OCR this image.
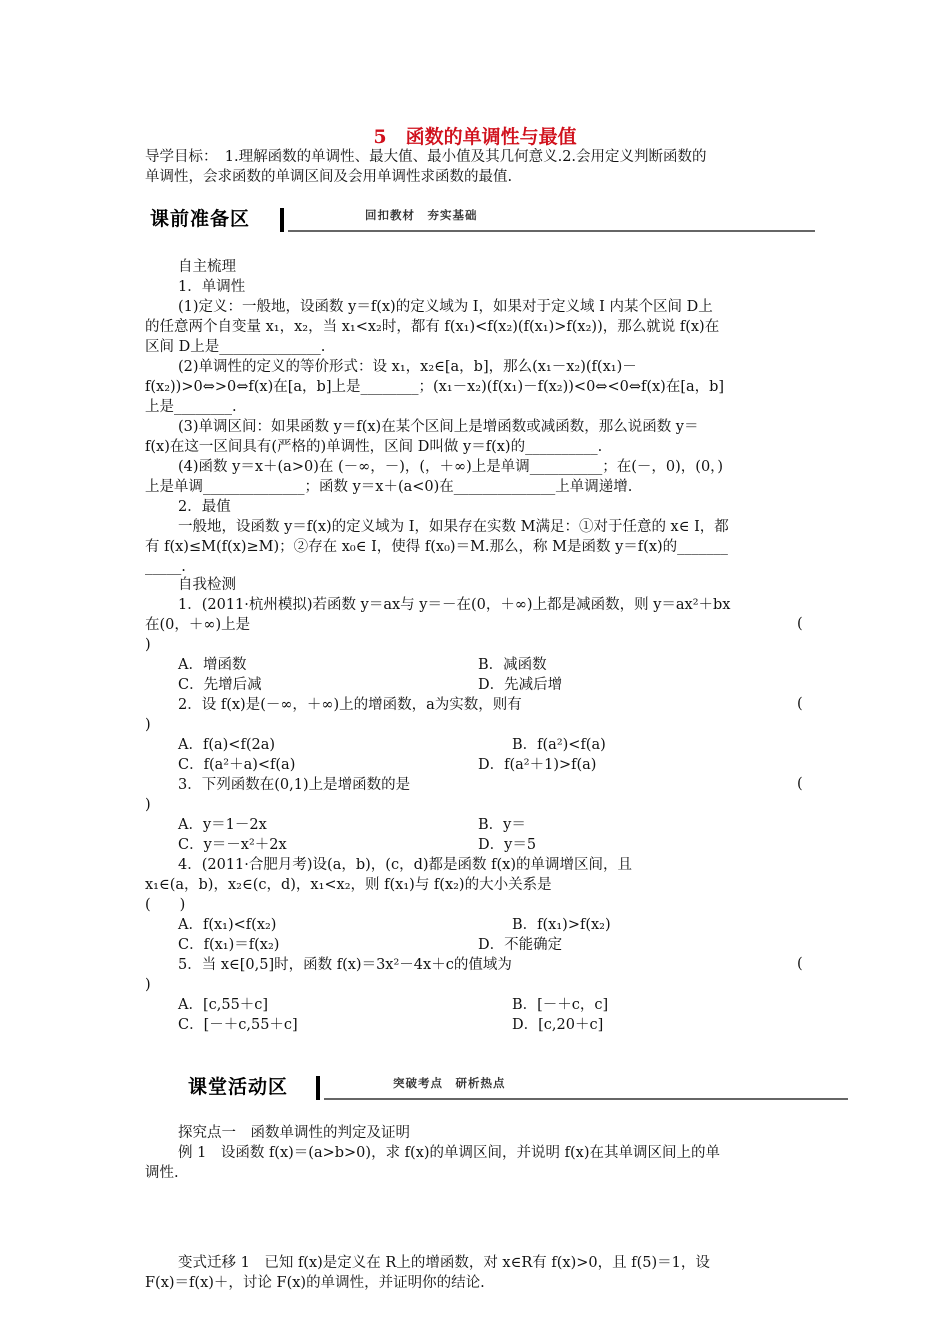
5　函数的单调性与最值
导学目标：　1.理解函数的单调性、最大值、最小值及其几何意义.2.会用定义判断函数的
单调性，会求函数的单调区间及会用单调性求函数的最值.
课前准备区	回扣教材　夯实基础
自主梳理
1．单调性
(1)定义：一般地，设函数 y＝f(x)的定义域为 I，如果对于定义域 I 内某个区间 D上
的任意两个自变量 x₁，x₂，当 x₁<x₂时，都有 f(x₁)<f(x₂)(f(x₁)>f(x₂))，那么就说 f(x)在
区间 D上是______________.
(2)单调性的定义的等价形式：设 x₁，x₂∈[a，b]，那么(x₁－x₂)(f(x₁)－
f(x₂))>0⇔>0⇔f(x)在[a，b]上是________；(x₁－x₂)(f(x₁)－f(x₂))<0⇔<0⇔f(x)在[a，b]
上是________.
(3)单调区间：如果函数 y＝f(x)在某个区间上是增函数或减函数，那么说函数 y＝
f(x)在这一区间具有(严格的)单调性，区间 D叫做 y＝f(x)的__________.
(4)函数 y＝x＋(a>0)在 (－∞，－)，(，＋∞)上是单调__________；在(－，0)，(0，)
上是单调______________；函数 y＝x＋(a<0)在______________上单调递增.
2．最值
一般地，设函数 y＝f(x)的定义域为 I，如果存在实数 M满足：①对于任意的 x∈ I，都
有 f(x)≤M(f(x)≥M)；②存在 x₀∈ I，使得 f(x₀)＝M.那么，称 M是函数 y＝f(x)的_______
_____.
自我检测
1．(2011·杭州模拟)若函数 y＝ax与 y＝－在(0，＋∞)上都是减函数，则 y＝ax²＋bx
在(0，＋∞)上是	(
)
A．增函数	B．减函数
C．先增后减	D．先减后增
2．设 f(x)是(－∞，＋∞)上的增函数，a为实数，则有	(
)
A．f(a)<f(2a)	B．f(a²)<f(a)
C．f(a²＋a)<f(a)	D．f(a²＋1)>f(a)
3．下列函数在(0,1)上是增函数的是	(
)
A．y＝1－2x	B．y＝
C．y＝－x²＋2x	D．y＝5
4．(2011·合肥月考)设(a，b)，(c，d)都是函数 f(x)的单调增区间，且
x₁∈(a，b)，x₂∈(c，d)，x₁<x₂，则 f(x₁)与 f(x₂)的大小关系是
(　　)
A．f(x₁)<f(x₂)	B．f(x₁)>f(x₂)
C．f(x₁)＝f(x₂)	D．不能确定
5．当 x∈[0,5]时，函数 f(x)＝3x²－4x＋c的值域为	(
)
A．[c,55＋c]	B．[－＋c，c]
C．[－＋c,55＋c]	D．[c,20＋c]
课堂活动区	突破考点　研析热点
探究点一　函数单调性的判定及证明
例 1　设函数 f(x)＝(a>b>0)，求 f(x)的单调区间，并说明 f(x)在其单调区间上的单
调性.
变式迁移 1　已知 f(x)是定义在 R上的增函数，对 x∈R有 f(x)>0，且 f(5)＝1，设
F(x)＝f(x)＋，讨论 F(x)的单调性，并证明你的结论.
